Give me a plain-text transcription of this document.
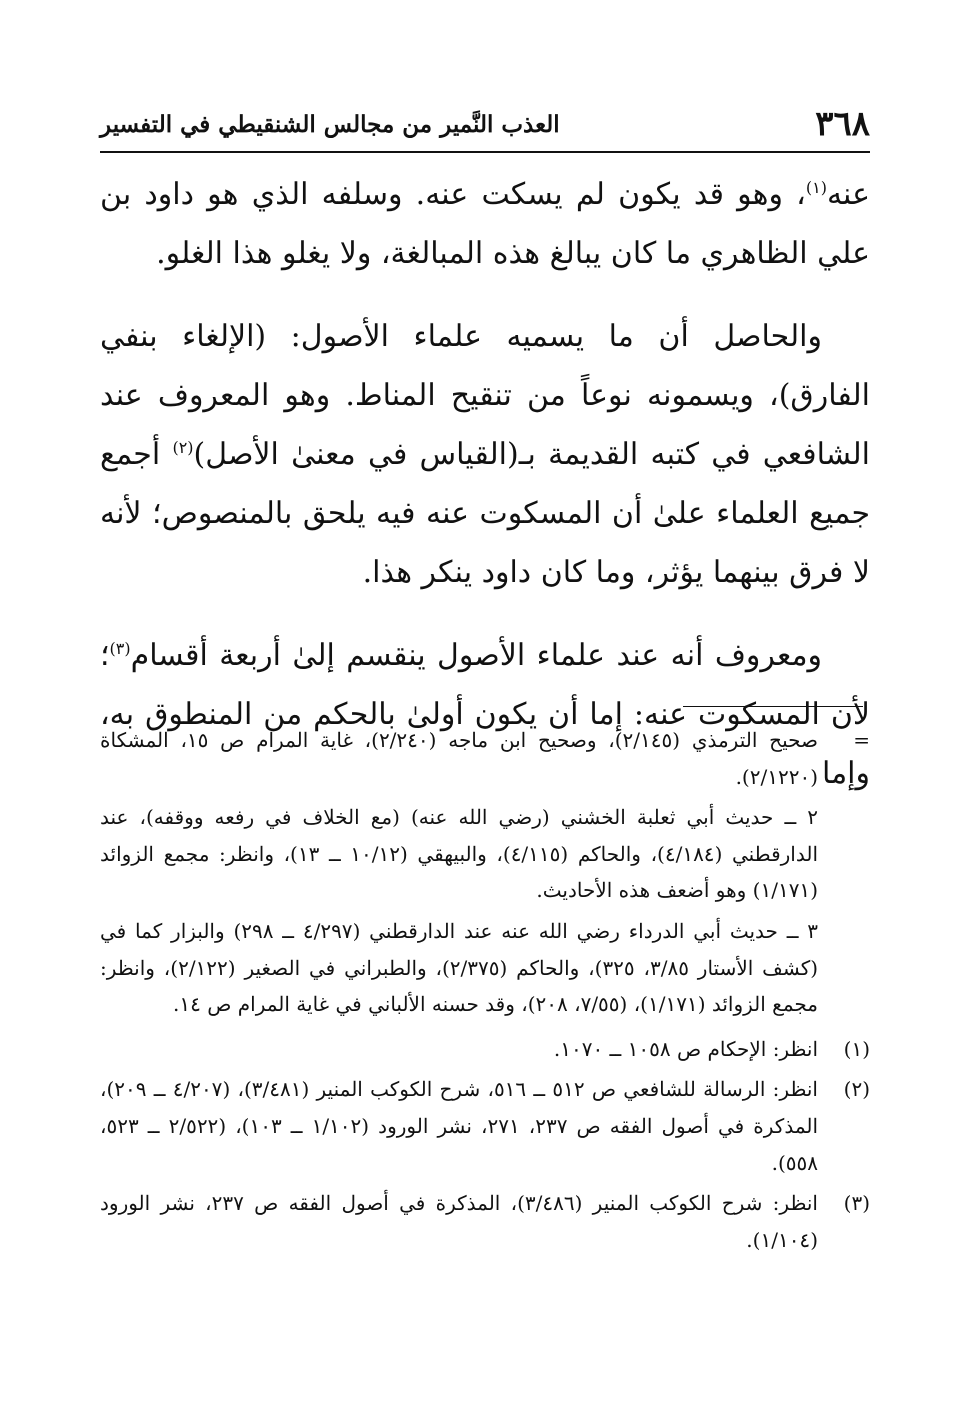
٣٦٨
العذب النَّمير من مجالس الشنقيطي في التفسير

عنه$^{(١)}$، وهو قد يكون لم يسكت عنه. وسلفه الذي هو داود بن علي الظاهري ما كان يبالغ هذه المبالغة، ولا يغلو هذا الغلو.

والحاصل أن ما يسميه علماء الأصول: (الإلغاء بنفي الفارق)، ويسمونه نوعاً من تنقيح المناط. وهو المعروف عند الشافعي في كتبه القديمة بـ(القياس في معنىٰ الأصل)$^{(٢)}$ أجمع جميع العلماء علىٰ أن المسكوت عنه فيه يلحق بالمنصوص؛ لأنه لا فرق بينهما يؤثر، وما كان داود ينكر هذا.

ومعروف أنه عند علماء الأصول ينقسم إلىٰ أربعة أقسام$^{(٣)}$؛ لأن المسكوت عنه: إما أن يكون أولىٰ بالحكم من المنطوق به، وإما

=

صحيح الترمذي (٢/١٤٥)، وصحيح ابن ماجه (٢/٢٤٠)، غاية المرام ص ١٥، المشكاة (٢/١٢٢٠).

٢ ــ حديث أبي ثعلبة الخشني (رضي الله عنه) (مع الخلاف في رفعه ووقفه)، عند الدارقطني (٤/١٨٤)، والحاكم (٤/١١٥)، والبيهقي (١٠/١٢ ــ ١٣)، وانظر: مجمع الزوائد (١/١٧١) وهو أضعف هذه الأحاديث.

٣ ــ حديث أبي الدرداء رضي الله عنه عند الدارقطني (٤/٢٩٧ ــ ٢٩٨) والبزار كما في (كشف الأستار ٣/٨٥، ٣٢٥)، والحاكم (٢/٣٧٥)، والطبراني في الصغير (٢/١٢٢)، وانظر: مجمع الزوائد (١/١٧١)، (٧/٥٥، ٢٠٨)، وقد حسنه الألباني في غاية المرام ص ١٤.

(١)

انظر: الإحكام ص ١٠٥٨ ــ ١٠٧٠.

(٢)

انظر: الرسالة للشافعي ص ٥١٢ ــ ٥١٦، شرح الكوكب المنير (٣/٤٨١)، (٤/٢٠٧ ــ ٢٠٩)، المذكرة في أصول الفقه ص ٢٣٧، ٢٧١، نشر الورود (١/١٠٢ ــ ١٠٣)، (٢/٥٢٢ ــ ٥٢٣، ٥٥٨).

(٣)

انظر: شرح الكوكب المنير (٣/٤٨٦)، المذكرة في أصول الفقه ص ٢٣٧، نشر الورود (١/١٠٤).
